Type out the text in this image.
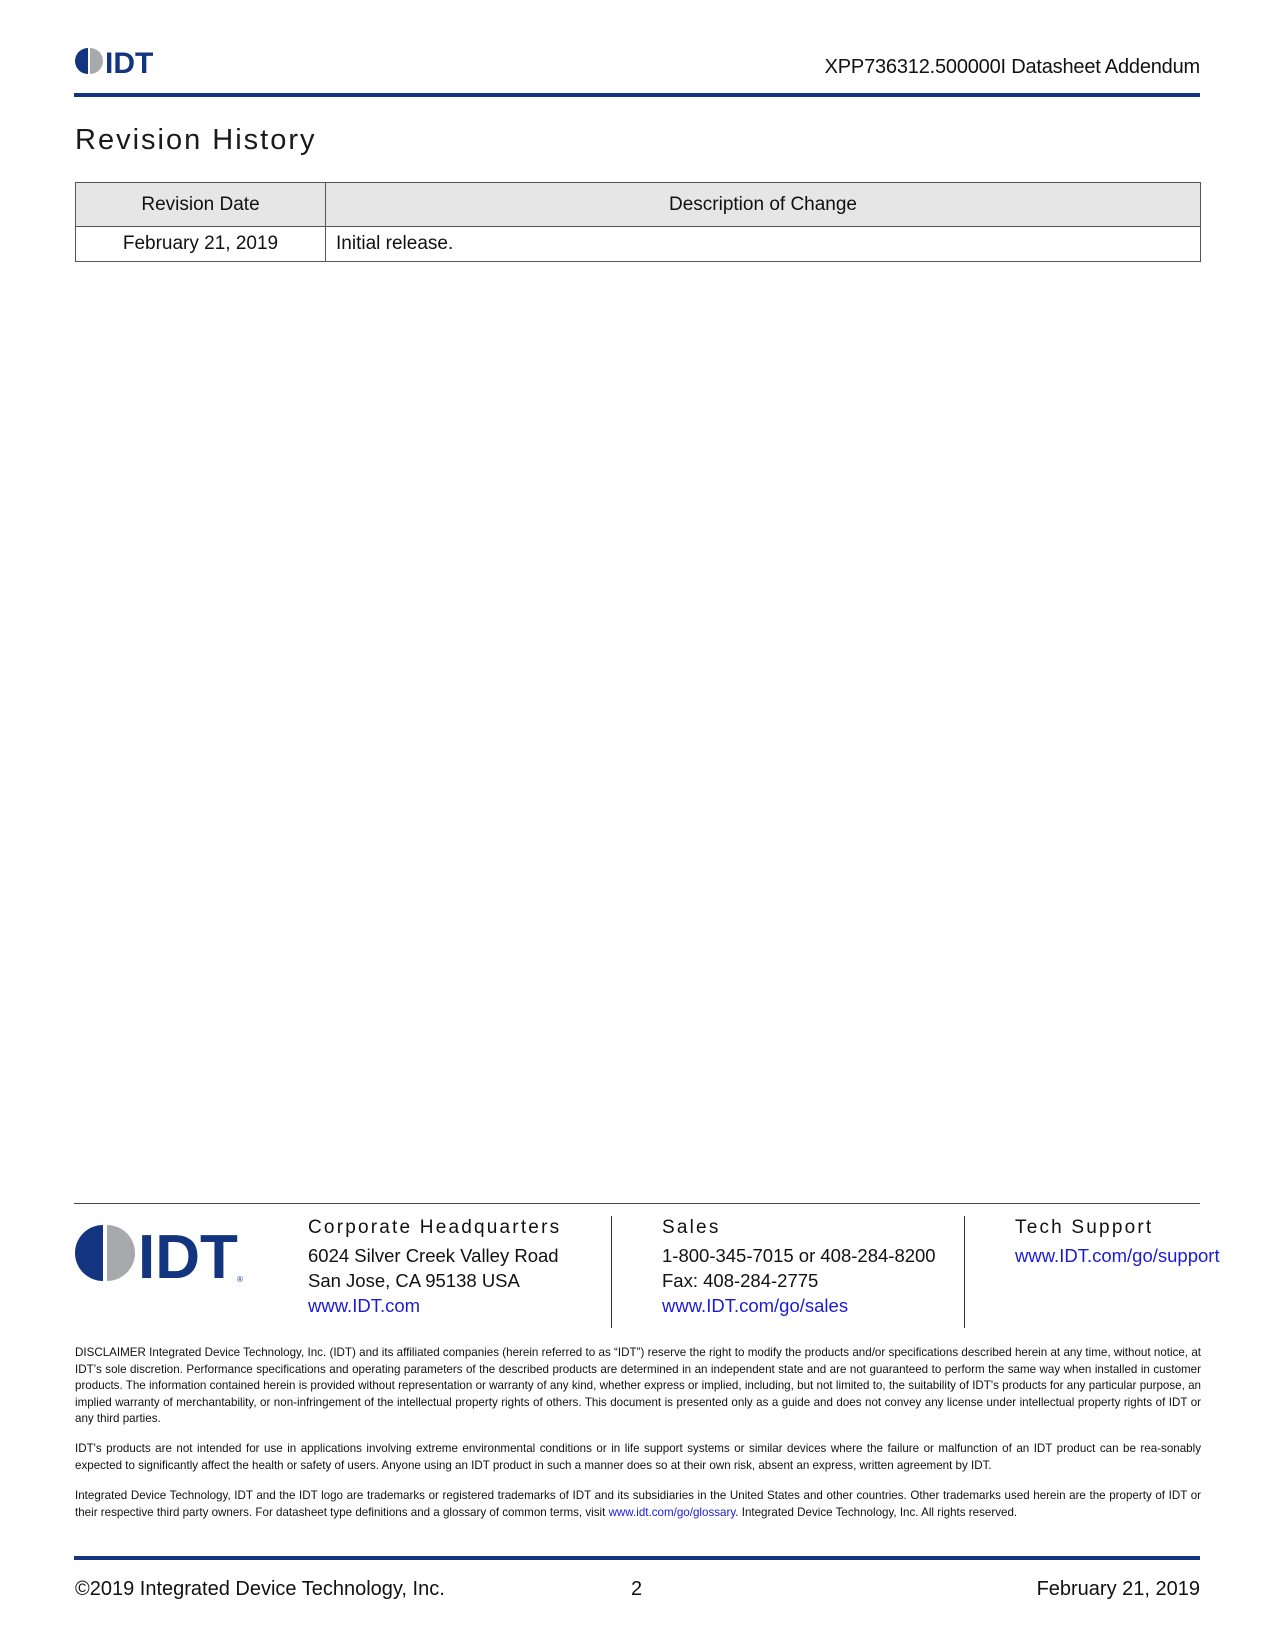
IDT	XPP736312.500000I Datasheet Addendum
Revision History
Revision Date	Description of Change
February 21, 2019	Initial release.
IDT ®
Corporate Headquarters
6024 Silver Creek Valley Road
San Jose, CA 95138 USA
www.IDT.com
Sales
1-800-345-7015 or 408-284-8200
Fax: 408-284-2775
www.IDT.com/go/sales
Tech Support
www.IDT.com/go/support
DISCLAIMER Integrated Device Technology, Inc. (IDT) and its affiliated companies (herein referred to as “IDT”) reserve the right to modify the products and/or specifications described herein at any time, without notice, at IDT’s sole discretion. Performance specifications and operating parameters of the described products are determined in an independent state and are not guaranteed to perform the same way when installed in customer products. The information contained herein is provided without representation or warranty of any kind, whether express or implied, including, but not limited to, the suitability of IDT's products for any particular purpose, an implied warranty of merchantability, or non-infringement of the intellectual property rights of others. This document is presented only as a guide and does not convey any license under intellectual property rights of IDT or any third parties.
IDT's products are not intended for use in applications involving extreme environmental conditions or in life support systems or similar devices where the failure or malfunction of an IDT product can be rea-sonably expected to significantly affect the health or safety of users. Anyone using an IDT product in such a manner does so at their own risk, absent an express, written agreement by IDT.
Integrated Device Technology, IDT and the IDT logo are trademarks or registered trademarks of IDT and its subsidiaries in the United States and other countries. Other trademarks used herein are the property of IDT or their respective third party owners. For datasheet type definitions and a glossary of common terms, visit www.idt.com/go/glossary. Integrated Device Technology, Inc. All rights reserved.
©2019 Integrated Device Technology, Inc.	2	February 21, 2019
